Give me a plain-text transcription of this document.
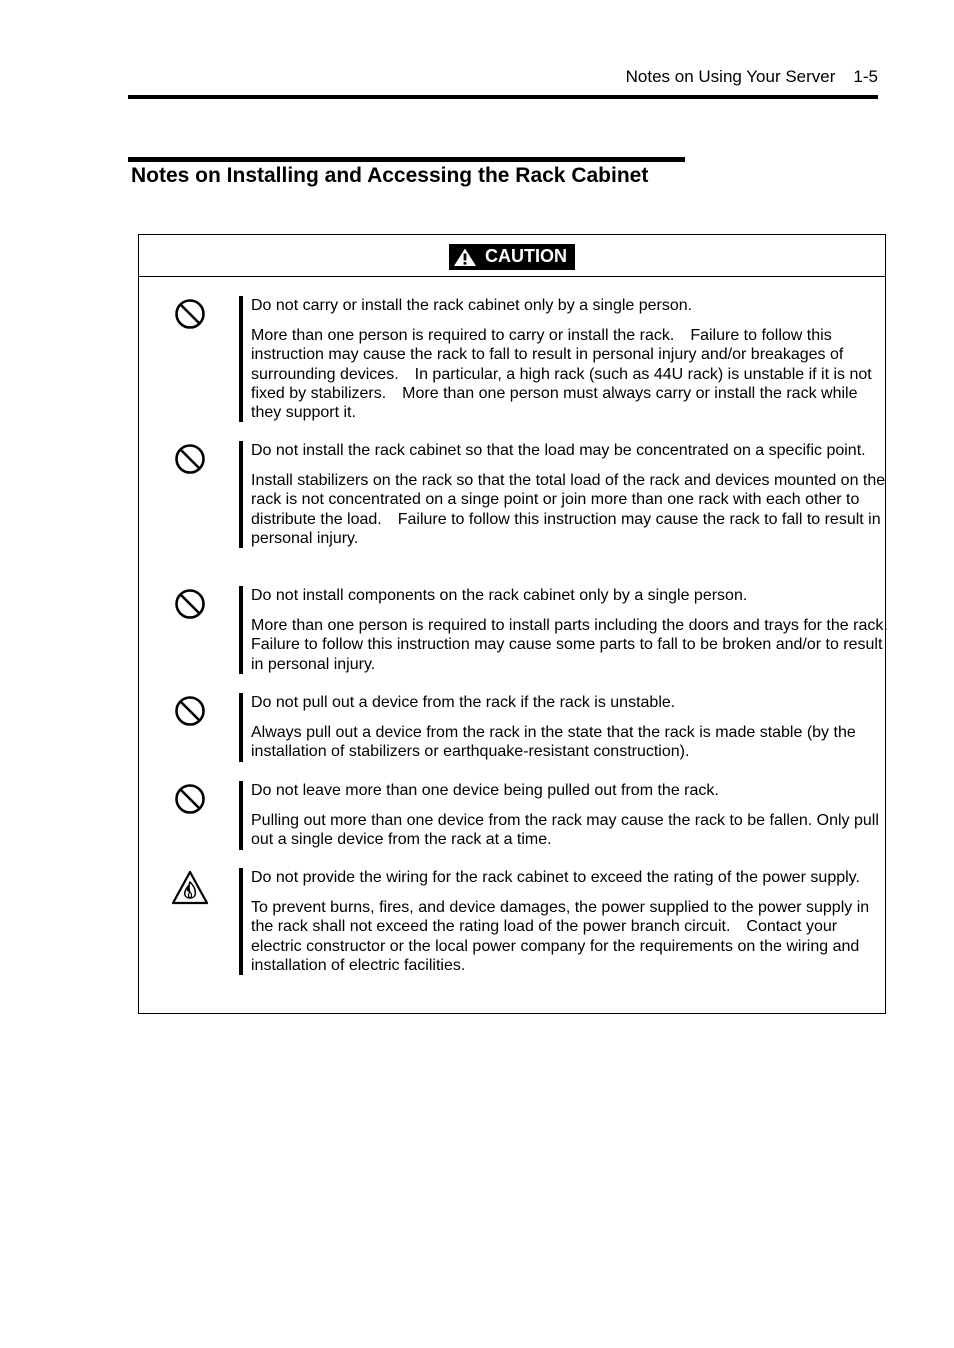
Notes on Using Your Server 1-5
Notes on Installing and Accessing the Rack Cabinet
CAUTION

Do not carry or install the rack cabinet only by a single person.

More than one person is required to carry or install the rack.　Failure to follow this instruction may cause the rack to fall to result in personal injury and/or breakages of surrounding devices.　In particular, a high rack (such as 44U rack) is unstable if it is not fixed by stabilizers.　More than one person must always carry or install the rack while they support it.

Do not install the rack cabinet so that the load may be concentrated on a specific point.

Install stabilizers on the rack so that the total load of the rack and devices mounted on the rack is not concentrated on a singe point or join more than one rack with each other to distribute the load.　Failure to follow this instruction may cause the rack to fall to result in personal injury.

Do not install components on the rack cabinet only by a single person.

More than one person is required to install parts including the doors and trays for the rack.　Failure to follow this instruction may cause some parts to fall to be broken and/or to result in personal injury.

Do not pull out a device from the rack if the rack is unstable.

Always pull out a device from the rack in the state that the rack is made stable (by the installation of stabilizers or earthquake-resistant construction).

Do not leave more than one device being pulled out from the rack.

Pulling out more than one device from the rack may cause the rack to be fallen. Only pull out a single device from the rack at a time.

Do not provide the wiring for the rack cabinet to exceed the rating of the power supply.

To prevent burns, fires, and device damages, the power supplied to the power supply in the rack shall not exceed the rating load of the power branch circuit.　Contact your electric constructor or the local power company for the requirements on the wiring and installation of electric facilities.
